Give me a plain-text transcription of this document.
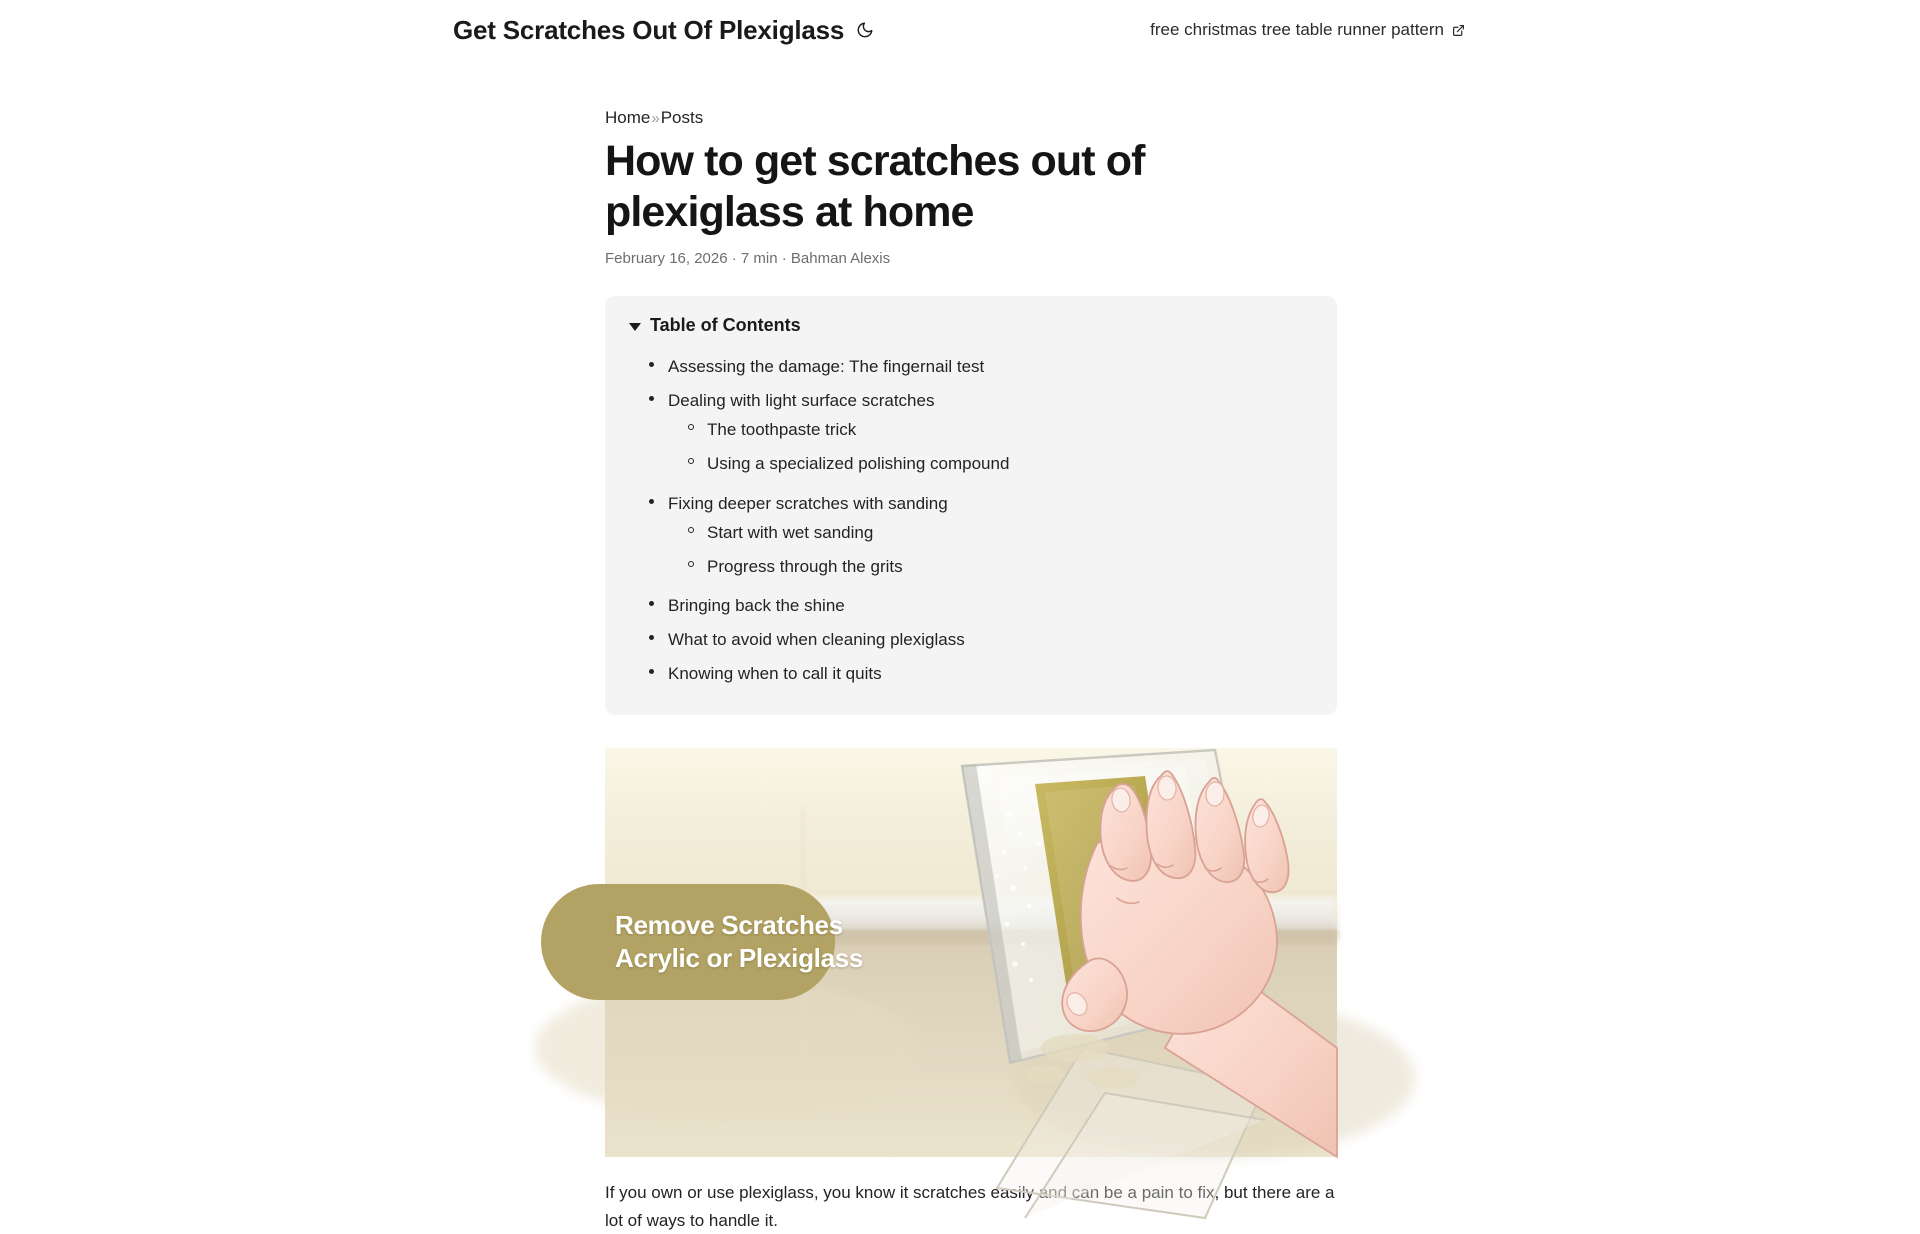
Get Scratches Out Of Plexiglass	free christmas tree table runner pattern
Home»Posts
How to get scratches out of plexiglass at home
February 16, 2026 · 7 min · Bahman Alexis
Table of Contents
Assessing the damage: The fingernail test
Dealing with light surface scratches
The toothpaste trick
Using a specialized polishing compound
Fixing deeper scratches with sanding
Start with wet sanding
Progress through the grits
Bringing back the shine
What to avoid when cleaning plexiglass
Knowing when to call it quits
Remove Scratches
Acrylic or Plexiglass

If you own or use plexiglass, you know it scratches easily and can be a pain to fix, but there are a lot of ways to handle it.
